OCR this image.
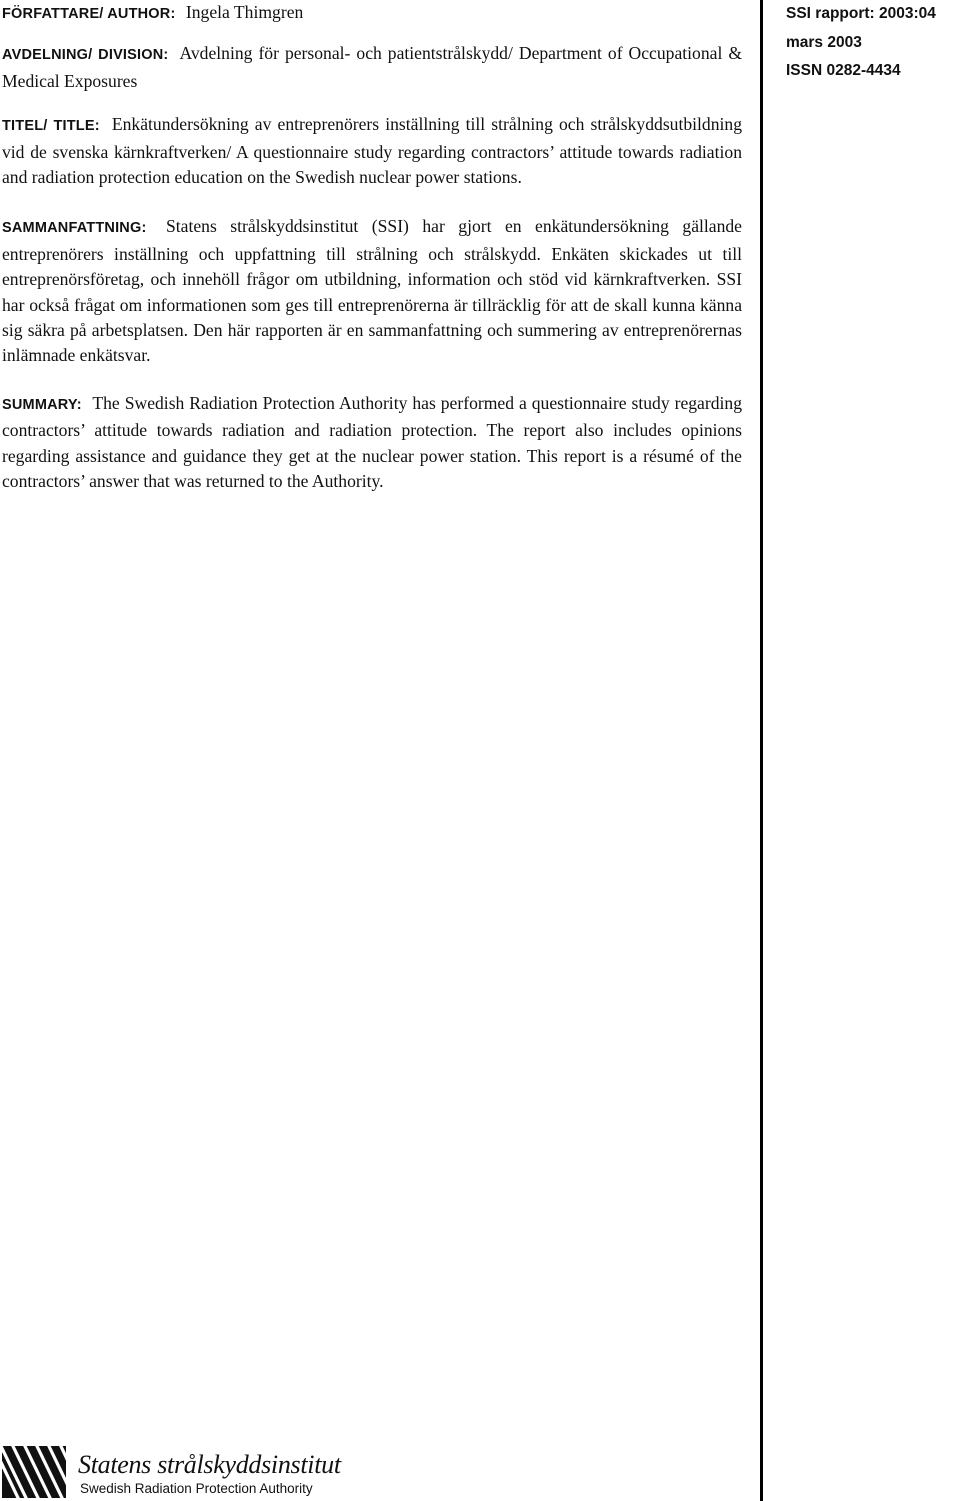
FÖRFATTARE/ AUTHOR: Ingela Thimgren

AVDELNING/ DIVISION: Avdelning för personal- och patientstrålskydd/ Department of Occupational & Medical Exposures

TITEL/ TITLE: Enkätundersökning av entreprenörers inställning till strålning och strålskyddsutbildning vid de svenska kärnkraftverken/ A questionnaire study regarding contractors’ attitude towards radiation and radiation protection education on the Swedish nuclear power stations.

SAMMANFATTNING: Statens strålskyddsinstitut (SSI) har gjort en enkätundersökning gällande entreprenörers inställning och uppfattning till strålning och strålskydd. Enkäten skickades ut till entreprenörsföretag, och innehöll frågor om utbildning, information och stöd vid kärnkraftverken. SSI har också frågat om informationen som ges till entreprenörerna är tillräcklig för att de skall kunna känna sig säkra på arbetsplatsen. Den här rapporten är en sammanfattning och summering av entreprenörernas inlämnade enkätsvar.

SUMMARY: The Swedish Radiation Protection Authority has performed a questionnaire study regarding contractors’ attitude towards radiation and radiation protection. The report also includes opinions regarding assistance and guidance they get at the nuclear power station. This report is a résumé of the contractors’ answer that was returned to the Authority.

SSI rapport: 2003:04
mars 2003
ISSN 0282-4434
Statens strålskyddsinstitut
Swedish Radiation Protection Authority
